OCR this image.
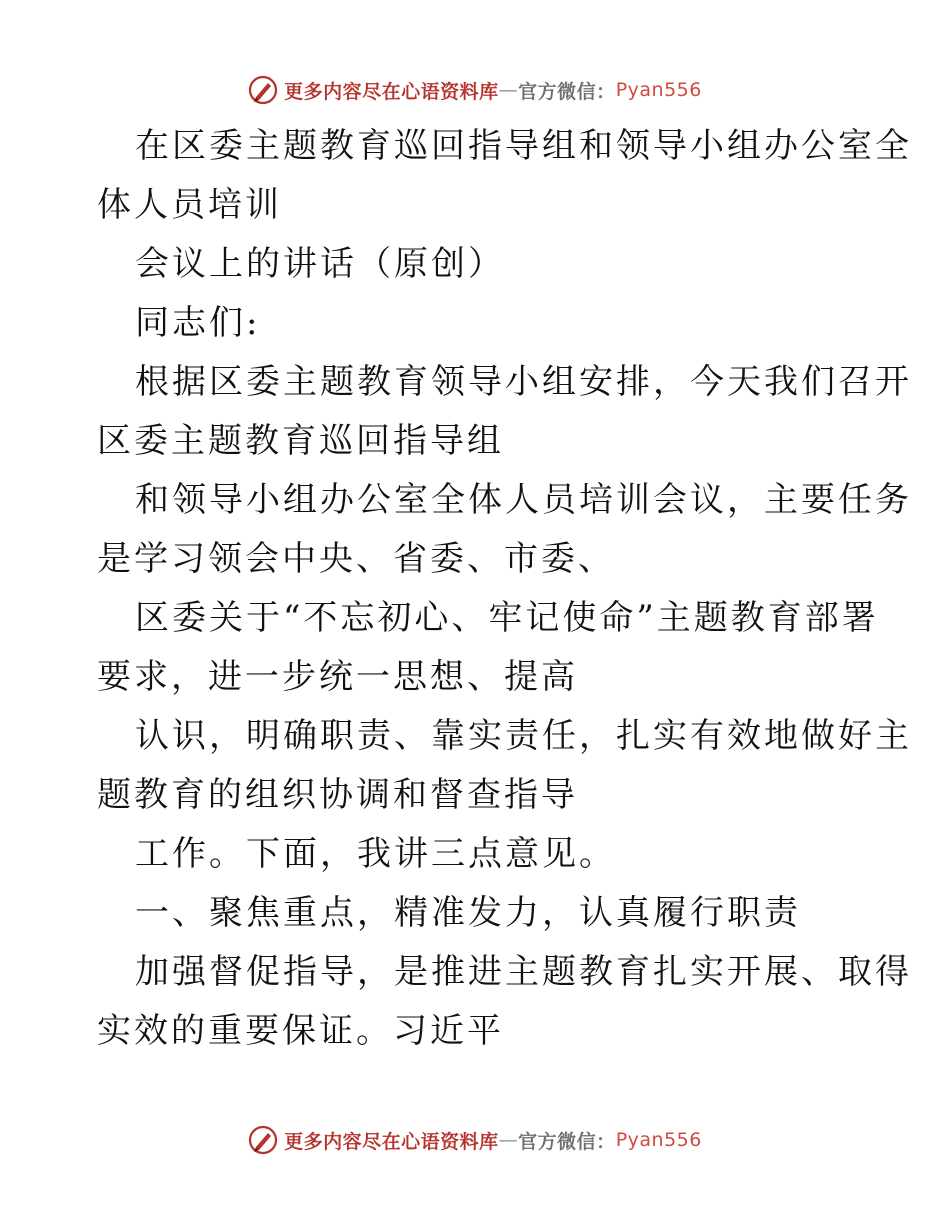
更多内容尽在心语资料库 — 官方微信： Pyan556
在区委主题教育巡回指导组和领导小组办公室全
体人员培训
会议上的讲话（原创）
同志们:
根据区委主题教育领导小组安排，今天我们召开
区委主题教育巡回指导组
和领导小组办公室全体人员培训会议，主要任务
是学习领会中央、省委、市委、
区委关于“不忘初心、牢记使命”主题教育部署
要求，进一步统一思想、提高
认识，明确职责、靠实责任，扎实有效地做好主
题教育的组织协调和督查指导
工作。下面，我讲三点意见。
一、聚焦重点，精准发力，认真履行职责
加强督促指导，是推进主题教育扎实开展、取得
实效的重要保证。习近平
更多内容尽在心语资料库 — 官方微信： Pyan556
